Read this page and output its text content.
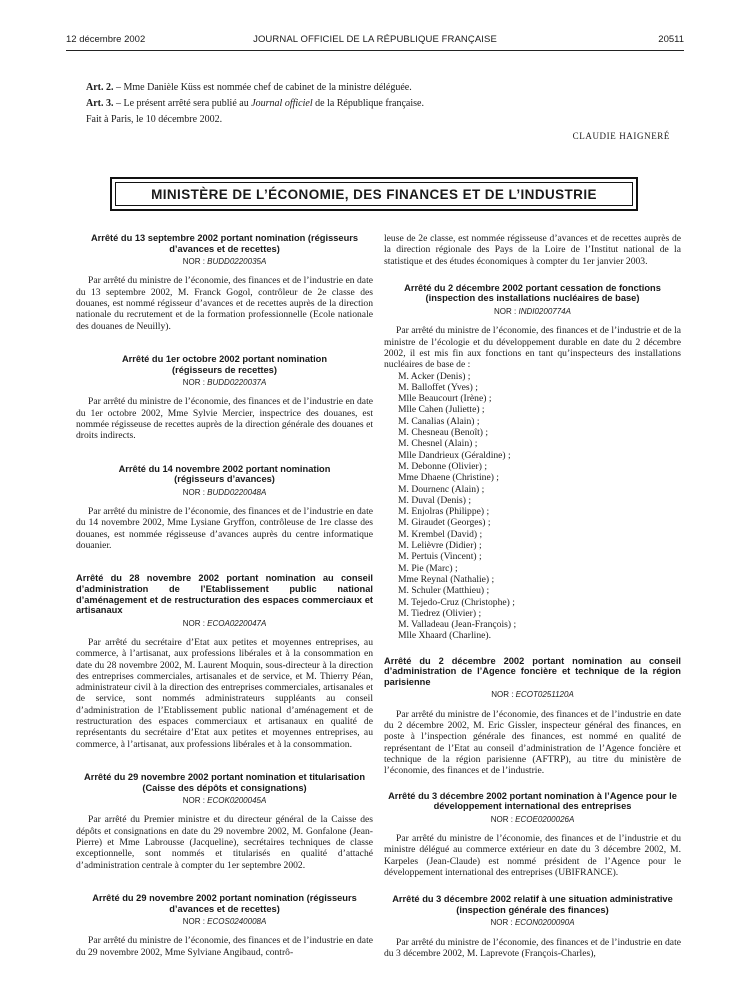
12 décembre 2002	JOURNAL OFFICIEL DE LA RÉPUBLIQUE FRANÇAISE	20511

Art. 2. – Mme Danièle Küss est nommée chef de cabinet de la ministre déléguée.

Art. 3. – Le présent arrêté sera publié au Journal officiel de la République française.

Fait à Paris, le 10 décembre 2002.

CLAUDIE HAIGNERÉ

MINISTÈRE DE L’ÉCONOMIE, DES FINANCES ET DE L’INDUSTRIE
Arrêté du 13 septembre 2002 portant nomination (régisseurs d’avances et de recettes)
NOR : BUDD0220035A

Par arrêté du ministre de l’économie, des finances et de l’industrie en date du 13 septembre 2002, M. Franck Gogol, contrôleur de 2e classe des douanes, est nommé régisseur d’avances et de recettes auprès de la direction nationale du recrutement et de la formation professionnelle (Ecole nationale des douanes de Neuilly).

Arrêté du 1er octobre 2002 portant nomination (régisseurs de recettes)
NOR : BUDD0220037A

Par arrêté du ministre de l’économie, des finances et de l’industrie en date du 1er octobre 2002, Mme Sylvie Mercier, inspectrice des douanes, est nommée régisseuse de recettes auprès de la direction générale des douanes et droits indirects.

Arrêté du 14 novembre 2002 portant nomination (régisseurs d’avances)
NOR : BUDD0220048A

Par arrêté du ministre de l’économie, des finances et de l’industrie en date du 14 novembre 2002, Mme Lysiane Gryffon, contrôleuse de 1re classe des douanes, est nommée régisseuse d’avances auprès du centre informatique douanier.

Arrêté du 28 novembre 2002 portant nomination au conseil d’administration de l’Etablissement public national d’aménagement et de restructuration des espaces commerciaux et artisanaux
NOR : ECOA0220047A

Par arrêté du secrétaire d’Etat aux petites et moyennes entreprises, au commerce, à l’artisanat, aux professions libérales et à la consommation en date du 28 novembre 2002, M. Laurent Moquin, sous-directeur à la direction des entreprises commerciales, artisanales et de service, et M. Thierry Péan, administrateur civil à la direction des entreprises commerciales, artisanales et de service, sont nommés administrateurs suppléants au conseil d’administration de l’Etablissement public national d’aménagement et de restructuration des espaces commerciaux et artisanaux en qualité de représentants du secrétaire d’Etat aux petites et moyennes entreprises, au commerce, à l’artisanat, aux professions libérales et à la consommation.

Arrêté du 29 novembre 2002 portant nomination et titularisation (Caisse des dépôts et consignations)
NOR : ECOK0200045A

Par arrêté du Premier ministre et du directeur général de la Caisse des dépôts et consignations en date du 29 novembre 2002, M. Gonfalone (Jean-Pierre) et Mme Labrousse (Jacqueline), secrétaires techniques de classe exceptionnelle, sont nommés et titularisés en qualité d’attaché d’administration centrale à compter du 1er septembre 2002.

Arrêté du 29 novembre 2002 portant nomination (régisseurs d’avances et de recettes)
NOR : ECOS0240008A

Par arrêté du ministre de l’économie, des finances et de l’industrie en date du 29 novembre 2002, Mme Sylviane Angibaud, contrô-

leuse de 2e classe, est nommée régisseuse d’avances et de recettes auprès de la direction régionale des Pays de la Loire de l’Institut national de la statistique et des études économiques à compter du 1er janvier 2003.

Arrêté du 2 décembre 2002 portant cessation de fonctions (inspection des installations nucléaires de base)
NOR : INDI0200774A

Par arrêté du ministre de l’économie, des finances et de l’industrie et de la ministre de l’écologie et du développement durable en date du 2 décembre 2002, il est mis fin aux fonctions en tant qu’inspecteurs des installations nucléaires de base de :

M. Acker (Denis) ;
M. Balloffet (Yves) ;
Mlle Beaucourt (Irène) ;
Mlle Cahen (Juliette) ;
M. Canalias (Alain) ;
M. Chesneau (Benoît) ;
M. Chesnel (Alain) ;
Mlle Dandrieux (Géraldine) ;
M. Debonne (Olivier) ;
Mme Dhaene (Christine) ;
M. Dournenc (Alain) ;
M. Duval (Denis) ;
M. Enjolras (Philippe) ;
M. Giraudet (Georges) ;
M. Krembel (David) ;
M. Lelièvre (Didier) ;
M. Pertuis (Vincent) ;
M. Pie (Marc) ;
Mme Reynal (Nathalie) ;
M. Schuler (Matthieu) ;
M. Tejedo-Cruz (Christophe) ;
M. Tiedrez (Olivier) ;
M. Valladeau (Jean-François) ;
Mlle Xhaard (Charline).
Arrêté du 2 décembre 2002 portant nomination au conseil d’administration de l’Agence foncière et technique de la région parisienne
NOR : ECOT0251120A

Par arrêté du ministre de l’économie, des finances et de l’industrie en date du 2 décembre 2002, M. Eric Gissler, inspecteur général des finances, en poste à l’inspection générale des finances, est nommé en qualité de représentant de l’Etat au conseil d’administration de l’Agence foncière et technique de la région parisienne (AFTRP), au titre du ministère de l’économie, des finances et de l’industrie.

Arrêté du 3 décembre 2002 portant nomination à l’Agence pour le développement international des entreprises
NOR : ECOE0200026A

Par arrêté du ministre de l’économie, des finances et de l’industrie et du ministre délégué au commerce extérieur en date du 3 décembre 2002, M. Karpeles (Jean-Claude) est nommé président de l’Agence pour le développement international des entreprises (UBIFRANCE).

Arrêté du 3 décembre 2002 relatif à une situation administrative (inspection générale des finances)
NOR : ECON0200090A

Par arrêté du ministre de l’économie, des finances et de l’industrie en date du 3 décembre 2002, M. Laprevote (François-Charles),
